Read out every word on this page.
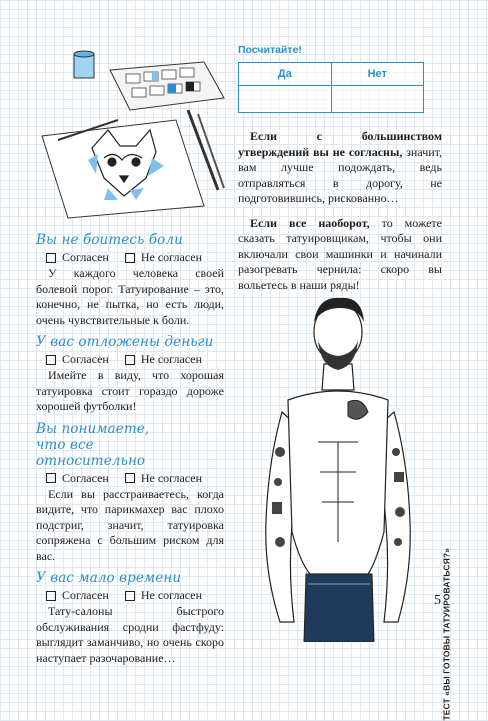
Вы не боитесь боли
Согласен	Не согласен

У каждого человека своей болевой порог. Татуирование – это, конечно, не пытка, но есть люди, очень чувствительные к боли.

У вас отложены деньги
Согласен	Не согласен

Имейте в виду, что хорошая татуировка стоит гораздо дороже хорошей футболки!

Вы понимаете, что все относительно
Согласен	Не согласен

Если вы расстраиваетесь, когда видите, что парикмахер вас плохо подстриг, значит, татуировка сопряжена с большим риском для вас.

У вас мало времени
Согласен	Не согласен

Тату-салоны быстрого обслуживания сродни фастфуду: выглядит заманчиво, но очень скоро наступает разочарование…

Посчитайте!
Да	Нет

Если с большинством утверждений вы не согласны, значит, вам лучше подождать, ведь отправляться в дорогу, не подготовившись, рискованно…

Если все наоборот, то можете сказать татуировщикам, чтобы они включали свои машинки и начинали разогревать чернила: скоро вы вольетесь в наши ряды!

ТЕСТ «ВЫ ГОТОВЫ ТАТУИРОВАТЬСЯ?»
5
